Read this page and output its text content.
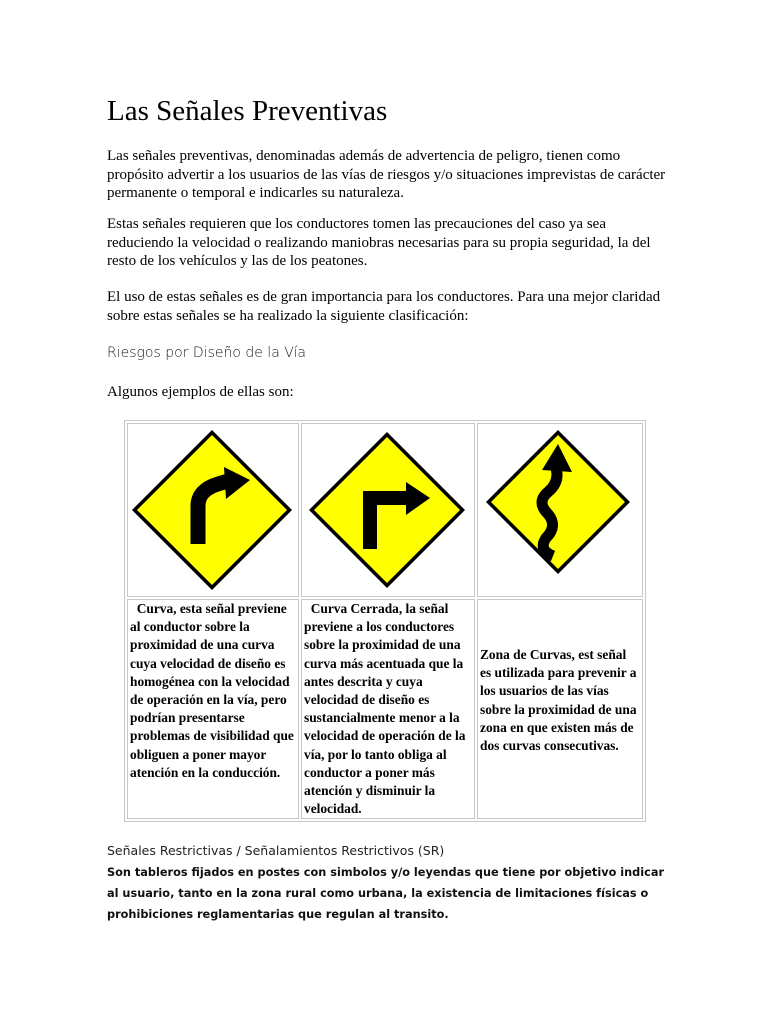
Las Señales Preventivas

Las señales preventivas, denominadas además de advertencia de peligro, tienen como propósito advertir a los usuarios de las vías de riesgos y/o situaciones imprevistas de carácter permanente o temporal e indicarles su naturaleza.

Estas señales requieren que los conductores tomen las precauciones del caso ya sea reduciendo la velocidad o realizando maniobras necesarias para su propia seguridad, la del resto de los vehículos y las de los peatones.

El uso de estas señales es de gran importancia para los conductores. Para una mejor claridad sobre estas señales se ha realizado la siguiente clasificación:

Riesgos por Diseño de la Vía

Algunos ejemplos de ellas son:

Curva, esta señal previene al conductor sobre la proximidad de una curva cuya velocidad de diseño es homogénea con la velocidad de operación en la vía, pero podrían presentarse problemas de visibilidad que obliguen a poner mayor atención en la conducción.
Curva Cerrada, la señal previene a los conductores sobre la proximidad de una curva más acentuada que la antes descrita y cuya velocidad de diseño es sustancialmente menor a la velocidad de operación de la vía, por lo tanto obliga al conductor a poner más atención y disminuir la velocidad.
Zona de Curvas, est señal es utilizada para prevenir a los usuarios de las vías sobre la proximidad de una zona en que existen más de dos curvas consecutivas.

Señales Restrictivas / Señalamientos Restrictivos (SR)

Son tableros fijados en postes con simbolos y/o leyendas que tiene por objetivo indicar al usuario, tanto en la zona rural como urbana, la existencia de limitaciones físicas o prohibiciones reglamentarias que regulan al transito.
